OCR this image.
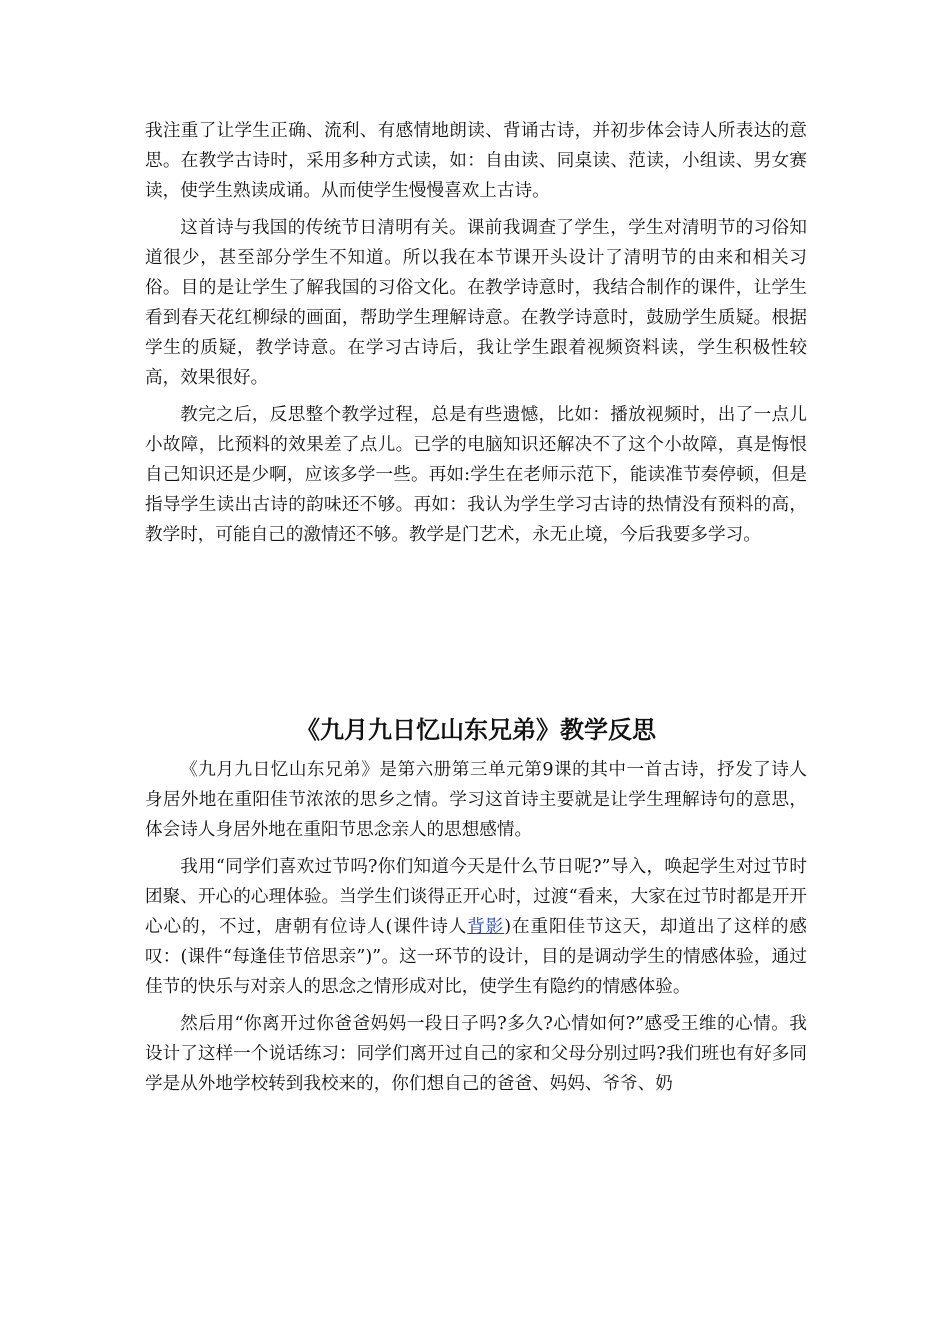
我注重了让学生正确、流利、有感情地朗读、背诵古诗，并初步体会诗人所表达的意思。在教学古诗时，采用多种方式读，如：自由读、同桌读、范读，小组读、男女赛读，使学生熟读成诵。从而使学生慢慢喜欢上古诗。

这首诗与我国的传统节日清明有关。课前我调查了学生，学生对清明节的习俗知道很少，甚至部分学生不知道。所以我在本节课开头设计了清明节的由来和相关习俗。目的是让学生了解我国的习俗文化。在教学诗意时，我结合制作的课件，让学生看到春天花红柳绿的画面，帮助学生理解诗意。在教学诗意时，鼓励学生质疑。根据学生的质疑，教学诗意。在学习古诗后，我让学生跟着视频资料读，学生积极性较高，效果很好。

教完之后，反思整个教学过程，总是有些遗憾，比如：播放视频时，出了一点儿小故障，比预料的效果差了点儿。已学的电脑知识还解决不了这个小故障，真是悔恨自己知识还是少啊，应该多学一些。再如:学生在老师示范下，能读准节奏停顿，但是指导学生读出古诗的韵味还不够。再如：我认为学生学习古诗的热情没有预料的高，教学时，可能自己的激情还不够。教学是门艺术，永无止境，今后我要多学习。

《九月九日忆山东兄弟》教学反思

《九月九日忆山东兄弟》是第六册第三单元第9课的其中一首古诗，抒发了诗人身居外地在重阳佳节浓浓的思乡之情。学习这首诗主要就是让学生理解诗句的意思，体会诗人身居外地在重阳节思念亲人的思想感情。

我用“同学们喜欢过节吗?你们知道今天是什么节日呢?”导入，唤起学生对过节时团聚、开心的心理体验。当学生们谈得正开心时，过渡“看来，大家在过节时都是开开心心的，不过，唐朝有位诗人(课件诗人背影)在重阳佳节这天，却道出了这样的感叹：(课件“每逢佳节倍思亲”)”。这一环节的设计，目的是调动学生的情感体验，通过佳节的快乐与对亲人的思念之情形成对比，使学生有隐约的情感体验。

然后用“你离开过你爸爸妈妈一段日子吗?多久?心情如何?”感受王维的心情。我设计了这样一个说话练习：同学们离开过自己的家和父母分别过吗?我们班也有好多同学是从外地学校转到我校来的，你们想自己的爸爸、妈妈、爷爷、奶
